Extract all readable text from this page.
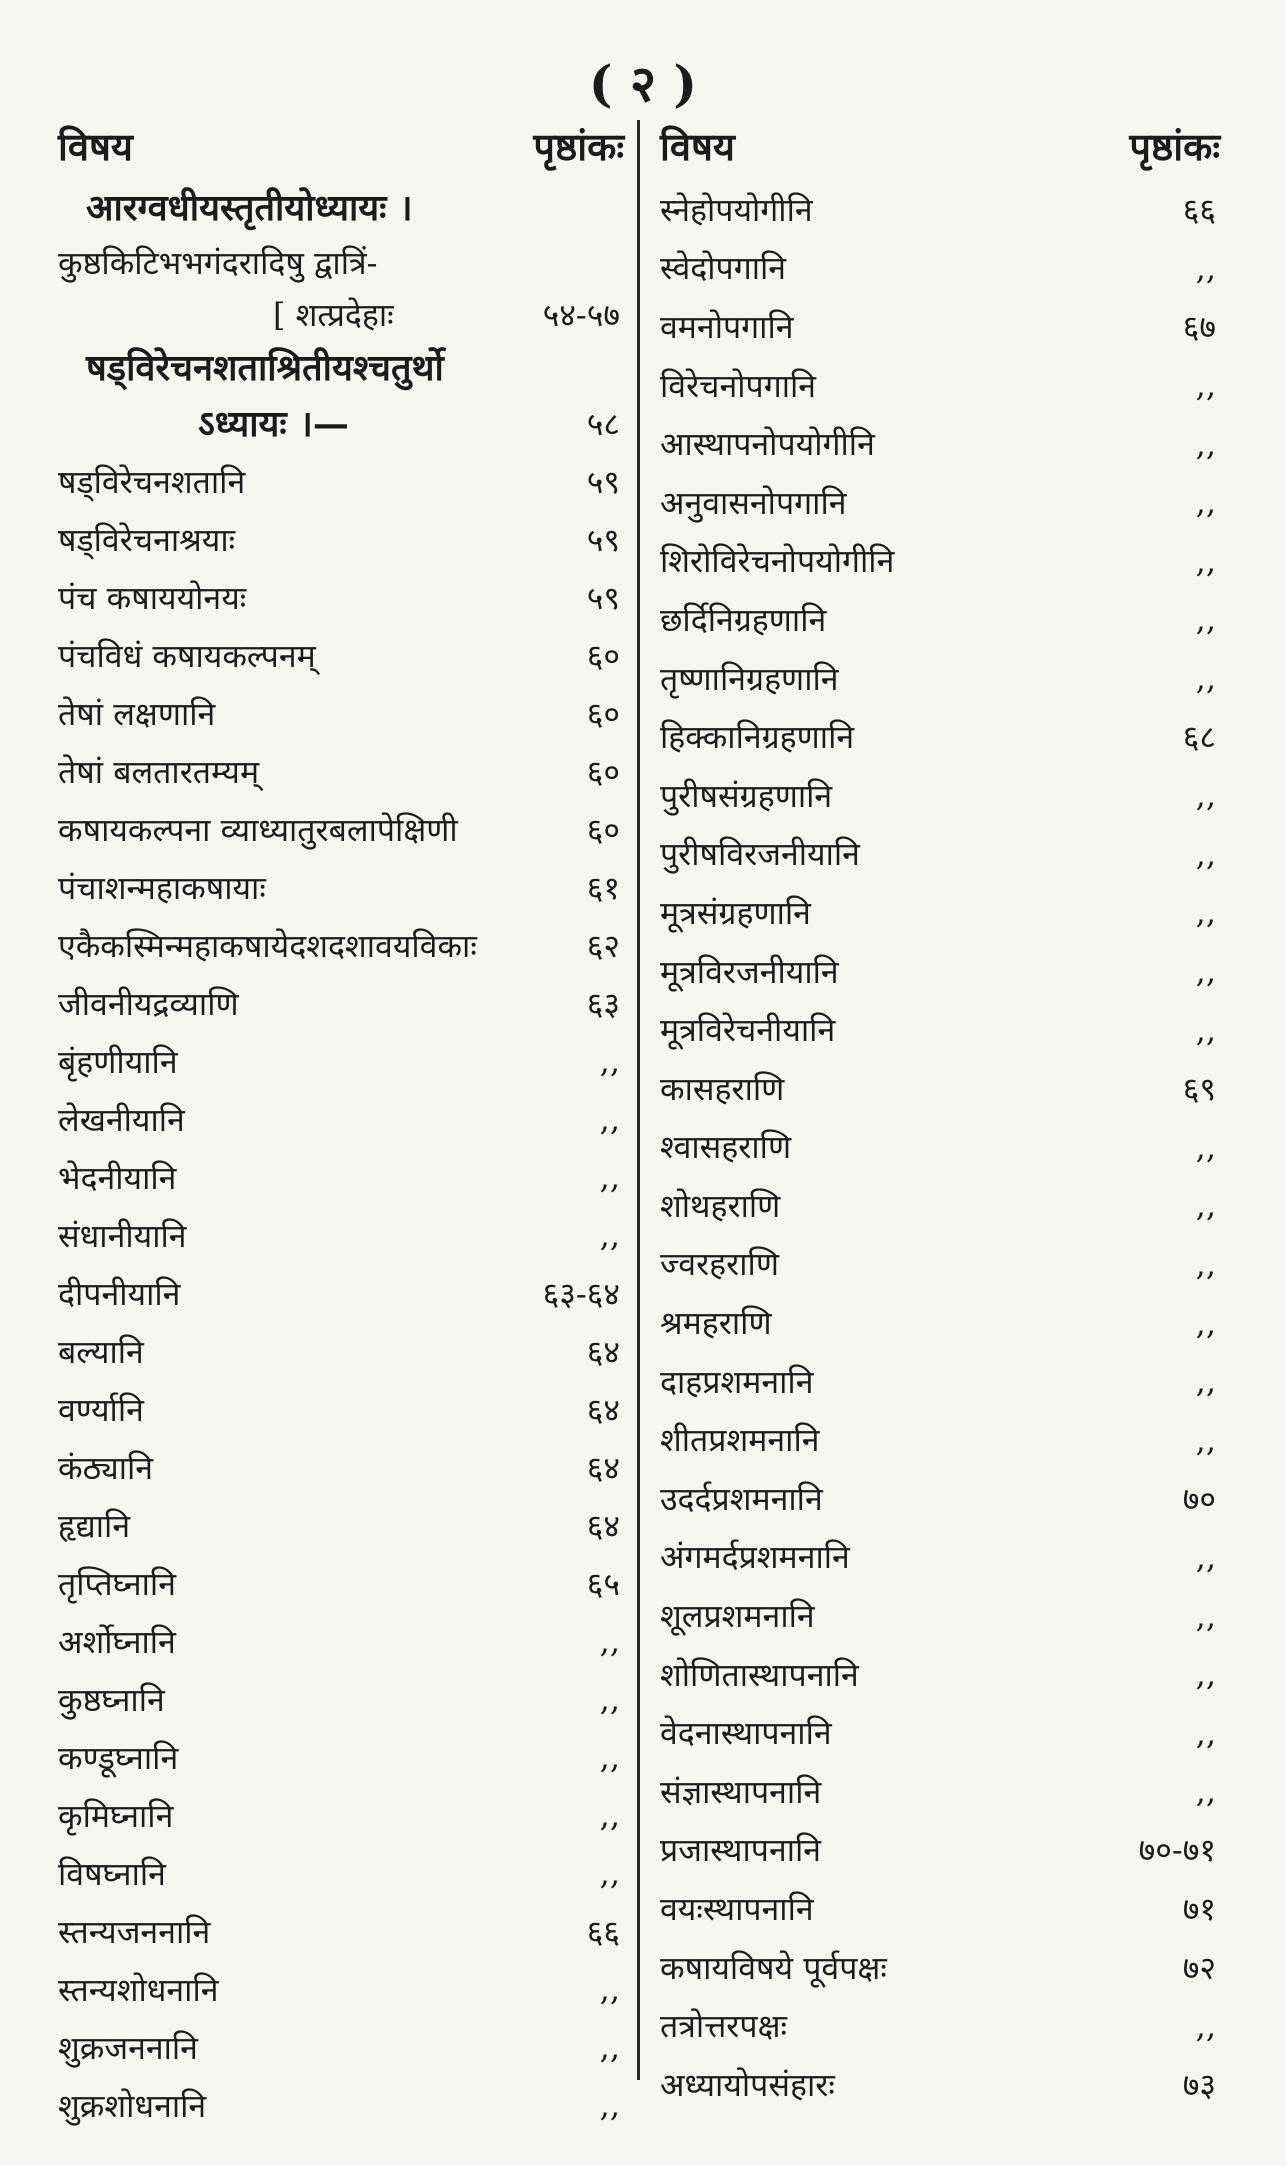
( २ )
विषय	पृष्ठांकः
आरग्वधीयस्तृतीयोध्यायः ।
कुष्ठकिटिभभगंदरादिषु द्वात्रिं-
[ शत्प्रदेहाः	५४-५७
षड्विरेचनशताश्रितीयश्चतुर्थो
ऽध्यायः ।—	५८
षड्विरेचनशतानि	५९
षड्विरेचनाश्रयाः	५९
पंच कषाययोनयः	५९
पंचविधं कषायकल्पनम्	६०
तेषां लक्षणानि	६०
तेषां बलतारतम्यम्	६०
कषायकल्पना व्याध्यातुरबलापेक्षिणी	६०
पंचाशन्महाकषायाः	६१
एकैकस्मिन्महाकषायेदशदशावयविकाः	६२
जीवनीयद्रव्याणि	६३
बृंहणीयानि	,,
लेखनीयानि	,,
भेदनीयानि	,,
संधानीयानि	,,
दीपनीयानि	६३-६४
बल्यानि	६४
वर्ण्यानि	६४
कंठ्यानि	६४
हृद्यानि	६४
तृप्तिघ्नानि	६५
अर्शोघ्नानि	,,
कुष्ठघ्नानि	,,
कण्डूघ्नानि	,,
कृमिघ्नानि	,,
विषघ्नानि	,,
स्तन्यजननानि	६६
स्तन्यशोधनानि	,,
शुक्रजननानि	,,
शुक्रशोधनानि	,,
विषय	पृष्ठांकः
स्नेहोपयोगीनि	६६
स्वेदोपगानि	,,
वमनोपगानि	६७
विरेचनोपगानि	,,
आस्थापनोपयोगीनि	,,
अनुवासनोपगानि	,,
शिरोविरेचनोपयोगीनि	,,
छर्दिनिग्रहणानि	,,
तृष्णानिग्रहणानि	,,
हिक्कानिग्रहणानि	६८
पुरीषसंग्रहणानि	,,
पुरीषविरजनीयानि	,,
मूत्रसंग्रहणानि	,,
मूत्रविरजनीयानि	,,
मूत्रविरेचनीयानि	,,
कासहराणि	६९
श्वासहराणि	,,
शोथहराणि	,,
ज्वरहराणि	,,
श्रमहराणि	,,
दाहप्रशमनानि	,,
शीतप्रशमनानि	,,
उदर्दप्रशमनानि	७०
अंगमर्दप्रशमनानि	,,
शूलप्रशमनानि	,,
शोणितास्थापनानि	,,
वेदनास्थापनानि	,,
संज्ञास्थापनानि	,,
प्रजास्थापनानि	७०-७१
वयःस्थापनानि	७१
कषायविषये पूर्वपक्षः	७२
तत्रोत्तरपक्षः	,,
अध्यायोपसंहारः	७३
